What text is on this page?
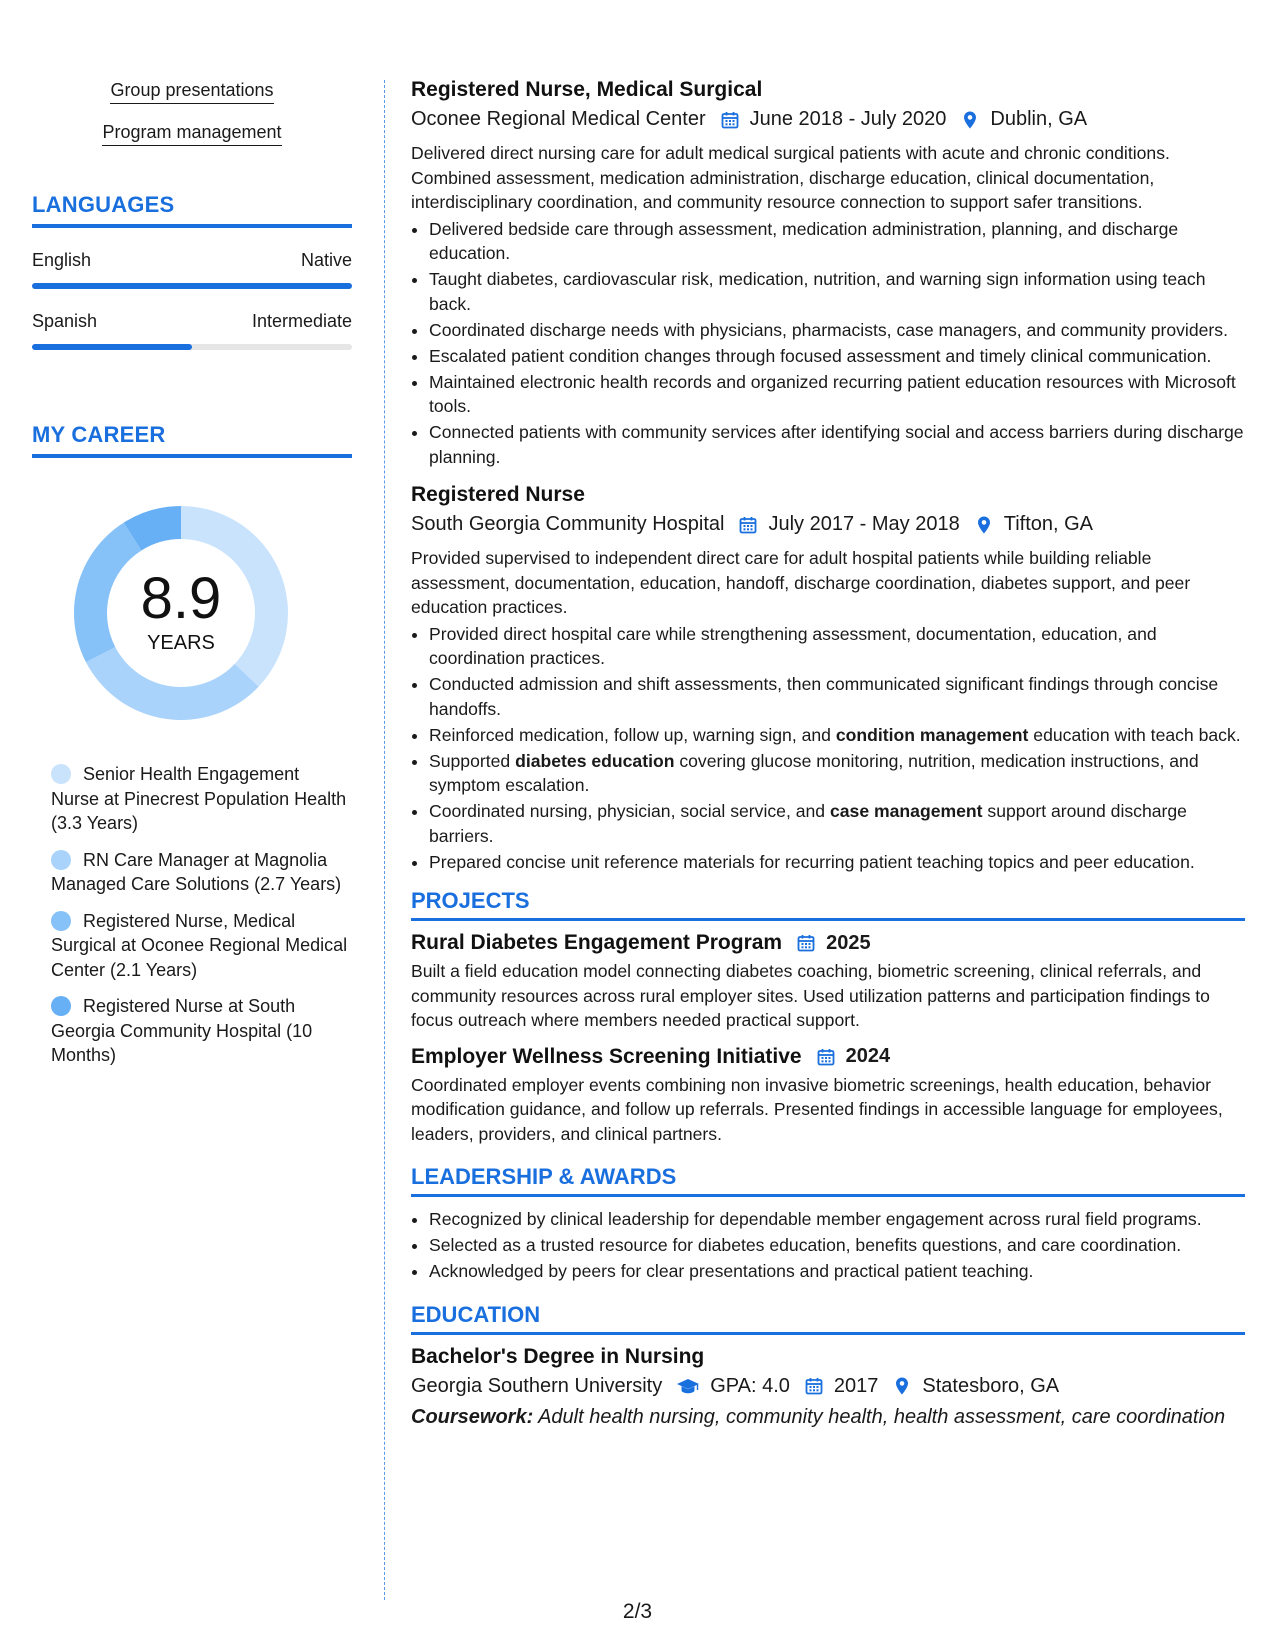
Group presentations
Program management
LANGUAGES
English	Native
Spanish	Intermediate
MY CAREER
8.9
YEARS
Senior Health Engagement Nurse at Pinecrest Population Health (3.3 Years)
RN Care Manager at Magnolia Managed Care Solutions (2.7 Years)
Registered Nurse, Medical Surgical at Oconee Regional Medical Center (2.1 Years)
Registered Nurse at South Georgia Community Hospital (10 Months)
Registered Nurse, Medical Surgical
Oconee Regional Medical Center June 2018 - July 2020 Dublin, GA
Delivered direct nursing care for adult medical surgical patients with acute and chronic conditions. Combined assessment, medication administration, discharge education, clinical documentation, interdisciplinary coordination, and community resource connection to support safer transitions.
• Delivered bedside care through assessment, medication administration, planning, and discharge education.
• Taught diabetes, cardiovascular risk, medication, nutrition, and warning sign information using teach back.
• Coordinated discharge needs with physicians, pharmacists, case managers, and community providers.
• Escalated patient condition changes through focused assessment and timely clinical communication.
• Maintained electronic health records and organized recurring patient education resources with Microsoft tools.
• Connected patients with community services after identifying social and access barriers during discharge planning.
Registered Nurse
South Georgia Community Hospital July 2017 - May 2018 Tifton, GA
Provided supervised to independent direct care for adult hospital patients while building reliable assessment, documentation, education, handoff, discharge coordination, diabetes support, and peer education practices.
• Provided direct hospital care while strengthening assessment, documentation, education, and coordination practices.
• Conducted admission and shift assessments, then communicated significant findings through concise handoffs.
• Reinforced medication, follow up, warning sign, and condition management education with teach back.
• Supported diabetes education covering glucose monitoring, nutrition, medication instructions, and symptom escalation.
• Coordinated nursing, physician, social service, and case management support around discharge barriers.
• Prepared concise unit reference materials for recurring patient teaching topics and peer education.
PROJECTS
Rural Diabetes Engagement Program 2025
Built a field education model connecting diabetes coaching, biometric screening, clinical referrals, and community resources across rural employer sites. Used utilization patterns and participation findings to focus outreach where members needed practical support.
Employer Wellness Screening Initiative 2024
Coordinated employer events combining non invasive biometric screenings, health education, behavior modification guidance, and follow up referrals. Presented findings in accessible language for employees, leaders, providers, and clinical partners.
LEADERSHIP & AWARDS
• Recognized by clinical leadership for dependable member engagement across rural field programs.
• Selected as a trusted resource for diabetes education, benefits questions, and care coordination.
• Acknowledged by peers for clear presentations and practical patient teaching.
EDUCATION
Bachelor's Degree in Nursing
Georgia Southern University GPA: 4.0 2017 Statesboro, GA
Coursework: Adult health nursing, community health, health assessment, care coordination
2/3
